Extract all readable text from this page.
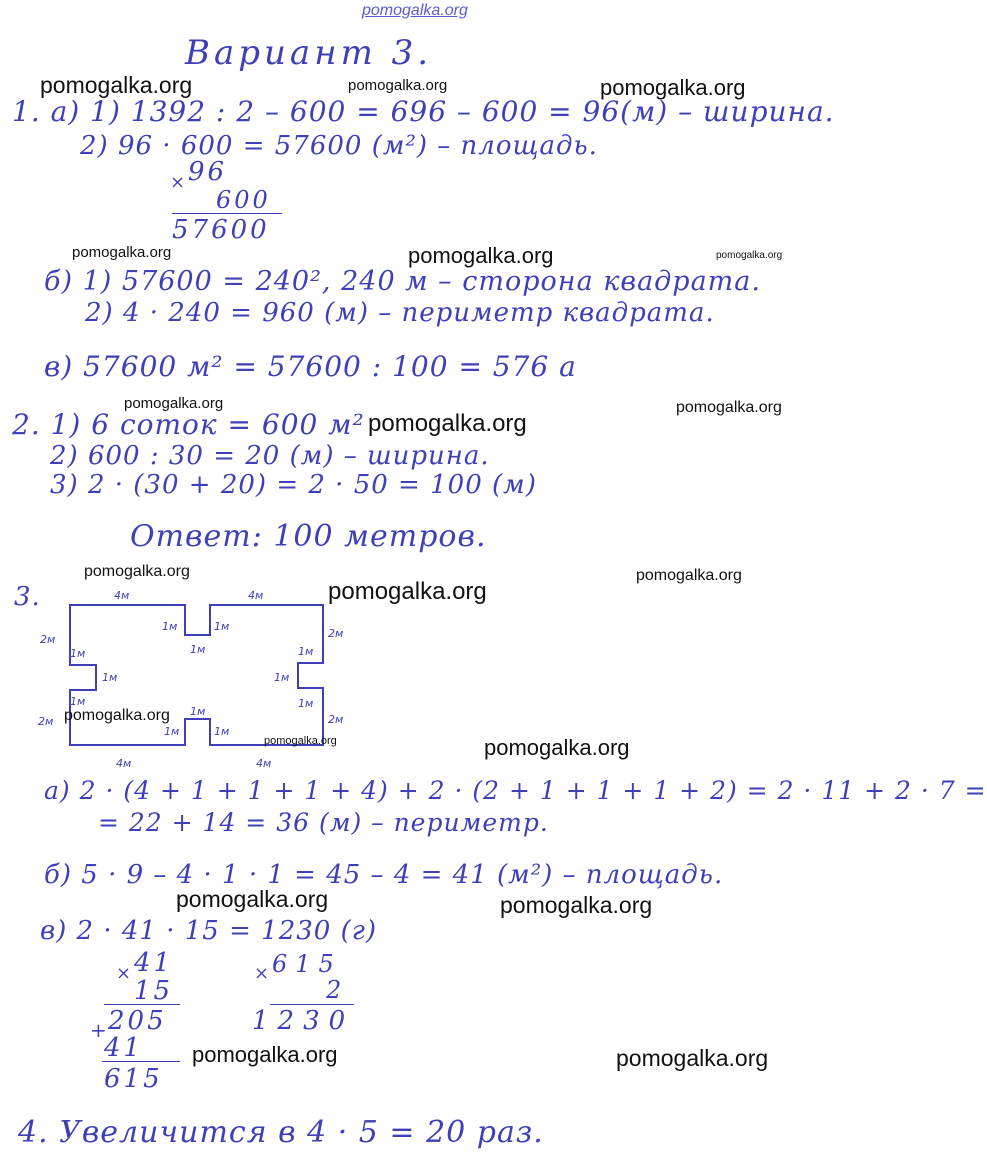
pomogalka.org
Вариант 3.
1. а) 1) 1392 : 2 – 600 = 696 – 600 = 96(м) – ширина.
2) 96 · 600 = 57600 (м²) – площадь.
× 96
600
57600
б) 1) 57600 = 240², 240 м – сторона квадрата.
2) 4 · 240 = 960 (м) – периметр квадрата.
в) 57600 м² = 57600 : 100 = 576 а
2. 1) 6 соток = 600 м²
2) 600 : 30 = 20 (м) – ширина.
3) 2 · (30 + 20) = 2 · 50 = 100 (м)
Ответ: 100 метров.
3.	4м	4м
2м	2м
2м	2м
4м	4м
1м	1м
1м
1м
1м
1м
1м
1м
1м
1м
1м	1м
а) 2 · (4 + 1 + 1 + 1 + 4) + 2 · (2 + 1 + 1 + 1 + 2) = 2 · 11 + 2 · 7 =
= 22 + 14 = 36 (м) – периметр.
б) 5 · 9 – 4 · 1 · 1 = 45 – 4 = 41 (м²) – площадь.
в) 2 · 41 · 15 = 1230 (г)
× 41
15
+
205
41
615
× 615
2
1230
4. Увеличится в 4 · 5 = 20 раз.
pomogalka.org	pomogalka.org	pomogalka.org
pomogalka.org	pomogalka.org	pomogalka.org
pomogalka.org
pomogalka.org
pomogalka.org
pomogalka.org
pomogalka.org
pomogalka.org
pomogalka.org
pomogalka.org	pomogalka.org
pomogalka.org	pomogalka.org
pomogalka.org	pomogalka.org
